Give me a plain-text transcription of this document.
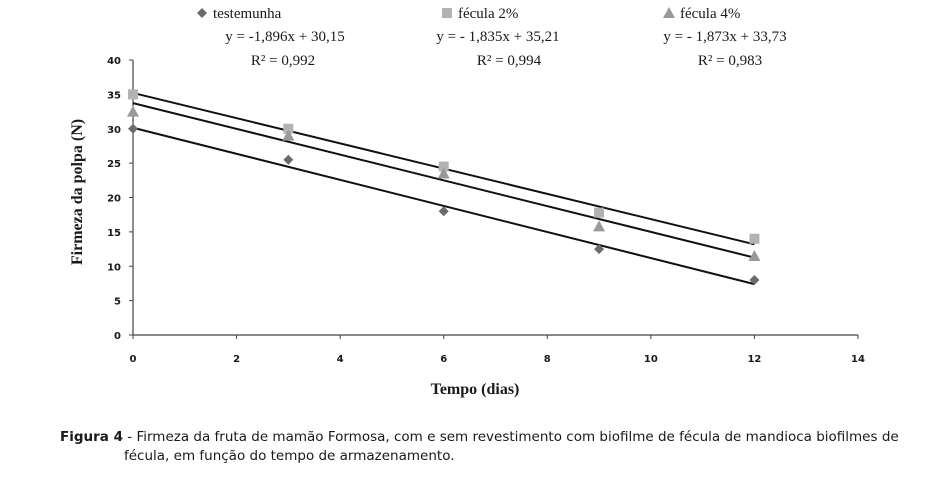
testemunha
y = -1,896x + 30,15
R² = 0,992
fécula 2%
y = - 1,835x + 35,21
R² = 0,994
fécula 4%
y = - 1,873x + 33,73
R² = 0,983
0
5
10
15
20
25
30
35
40
0	2	4	6	8	10	12	14
Firmeza da polpa (N)
Tempo (dias)
Figura 4 - Firmeza da fruta de mamão Formosa, com e sem revestimento com biofilme de fécula de mandioca biofilmes de
fécula, em função do tempo de armazenamento.
